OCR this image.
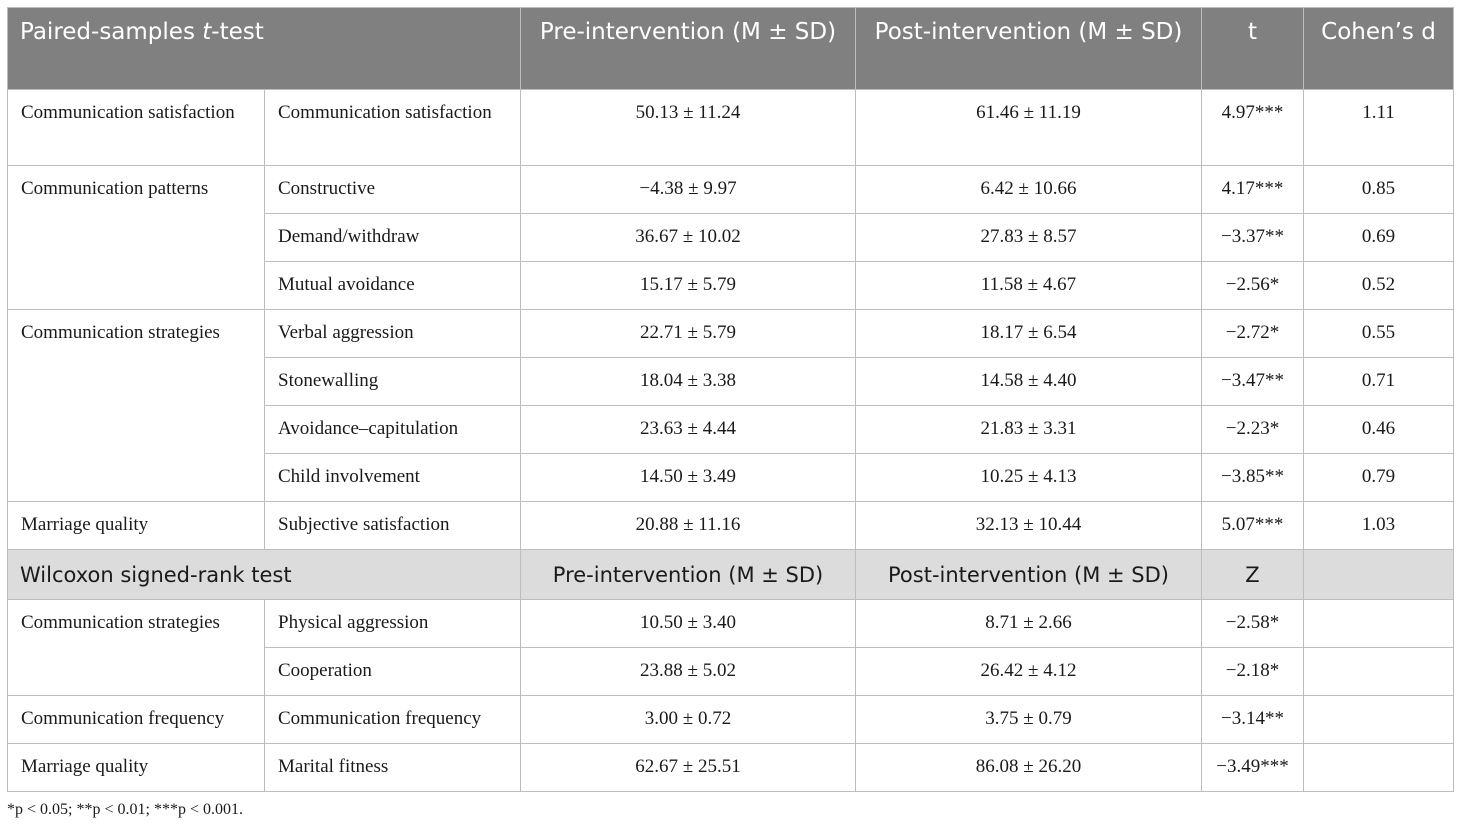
Paired-samples t-test		Pre-intervention (M ± SD)	Post-intervention (M ± SD)	t	Cohen’s d
Communication satisfaction	Communication satisfaction	50.13 ± 11.24	61.46 ± 11.19	4.97***	1.11
Communication patterns	Constructive	−4.38 ± 9.97	6.42 ± 10.66	4.17***	0.85
	Demand/withdraw	36.67 ± 10.02	27.83 ± 8.57	−3.37**	0.69
	Mutual avoidance	15.17 ± 5.79	11.58 ± 4.67	−2.56*	0.52
Communication strategies	Verbal aggression	22.71 ± 5.79	18.17 ± 6.54	−2.72*	0.55
	Stonewalling	18.04 ± 3.38	14.58 ± 4.40	−3.47**	0.71
	Avoidance–capitulation	23.63 ± 4.44	21.83 ± 3.31	−2.23*	0.46
	Child involvement	14.50 ± 3.49	10.25 ± 4.13	−3.85**	0.79
Marriage quality	Subjective satisfaction	20.88 ± 11.16	32.13 ± 10.44	5.07***	1.03
Wilcoxon signed-rank test		Pre-intervention (M ± SD)	Post-intervention (M ± SD)	Z	
Communication strategies	Physical aggression	10.50 ± 3.40	8.71 ± 2.66	−2.58*	
	Cooperation	23.88 ± 5.02	26.42 ± 4.12	−2.18*	
Communication frequency	Communication frequency	3.00 ± 0.72	3.75 ± 0.79	−3.14**	
Marriage quality	Marital fitness	62.67 ± 25.51	86.08 ± 26.20	−3.49***	
*p < 0.05; **p < 0.01; ***p < 0.001.
